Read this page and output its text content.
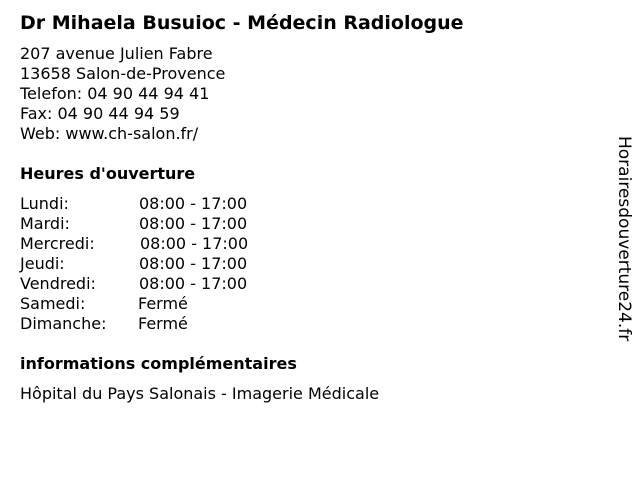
Dr Mihaela Busuioc - Médecin Radiologue
207 avenue Julien Fabre
13658 Salon-de-Provence
Telefon: 04 90 44 94 41
Fax: 04 90 44 94 59
Web: www.ch-salon.fr/
Heures d'ouverture
Lundi:	08:00 - 17:00
Mardi:	08:00 - 17:00
Mercredi:	08:00 - 17:00
Jeudi:	08:00 - 17:00
Vendredi:	08:00 - 17:00
Samedi:	Fermé
Dimanche: Fermé
informations complémentaires
Hôpital du Pays Salonais - Imagerie Médicale
Horairesdouverture24.fr
